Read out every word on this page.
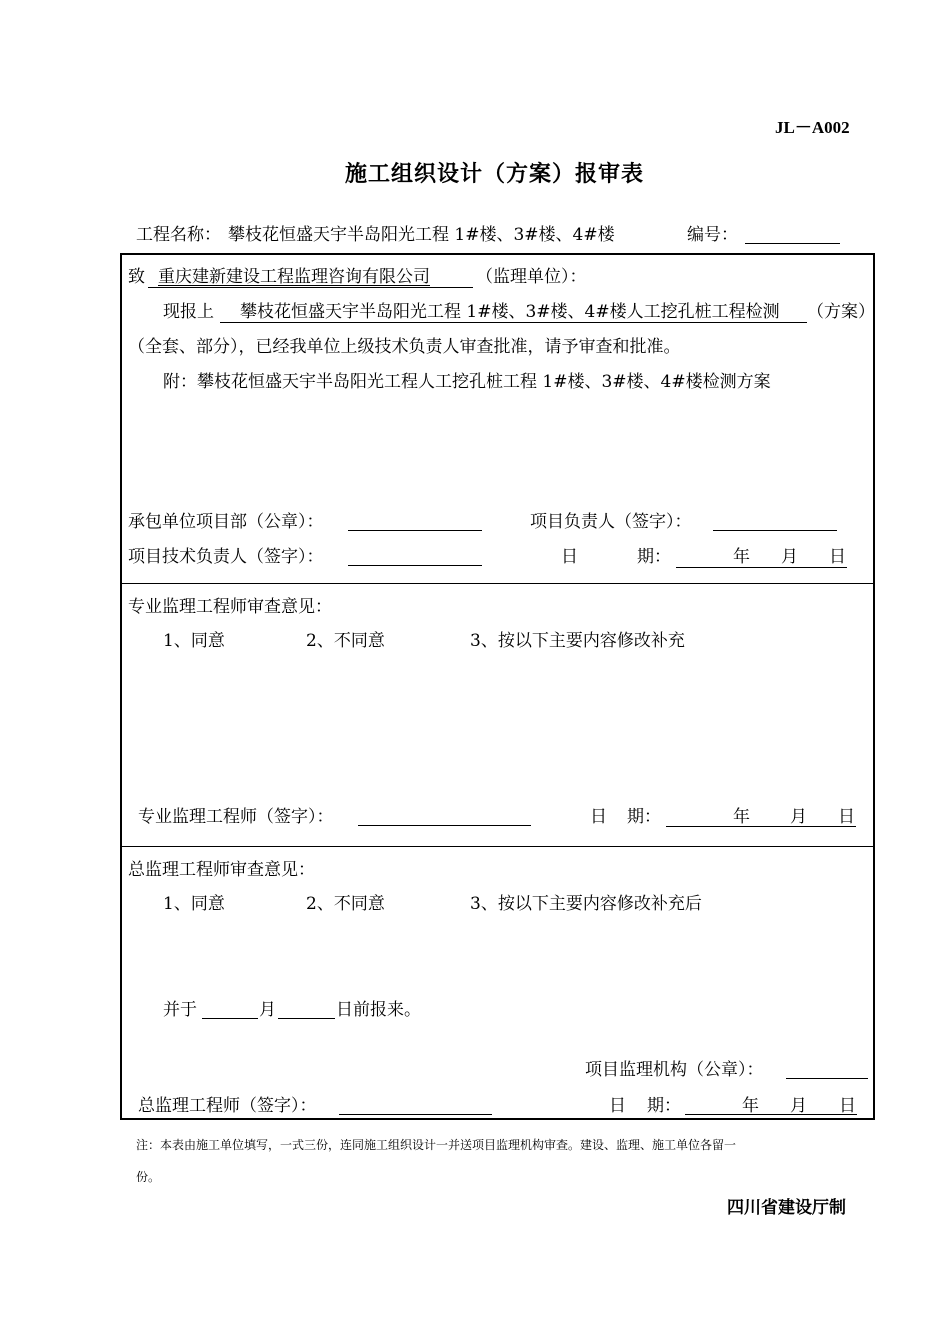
JL－A002
施工组织设计（方案）报审表
工程名称： 攀枝花恒盛天宇半岛阳光工程 1#楼、3#楼、4#楼	编号：
致 重庆建新建设工程监理咨询有限公司	（监理单位）：
现报上 攀枝花恒盛天宇半岛阳光工程 1#楼、3#楼、4#楼人工挖孔桩工程检测 （方案）
（全套、部分），已经我单位上级技术负责人审查批准，请予审查和批准。
附：攀枝花恒盛天宇半岛阳光工程人工挖孔桩工程 1#楼、3#楼、4#楼检测方案
承包单位项目部（公章）：	项目负责人（签字）：
项目技术负责人（签字）：	日	期：	年 月 日
专业监理工程师审查意见：
1、同意	2、不同意	3、按以下主要内容修改补充
专业监理工程师（签字）：	日 期：	年 月 日
总监理工程师审查意见：
1、同意	2、不同意	3、按以下主要内容修改补充后
并于	月	日前报来。
项目监理机构（公章）：
总监理工程师（签字）：	日 期：	年 月 日
注：本表由施工单位填写，一式三份，连同施工组织设计一并送项目监理机构审查。建设、监理、施工单位各留一
份。
四川省建设厅制
